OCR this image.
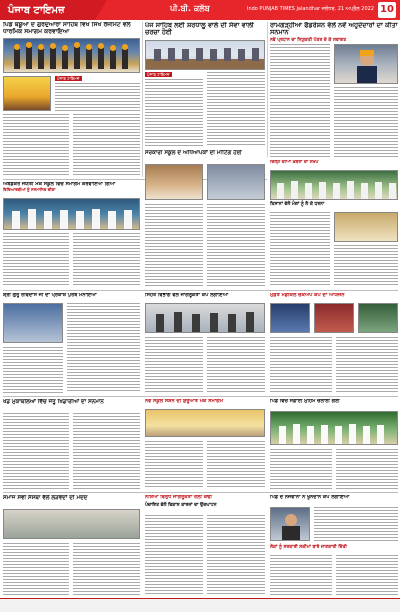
ਪੰਜਾਬ ਟਾਇਮਜ਼	ਪੀ.ਬੀ. ਕਲੱਬ	Indo PUNJAB TIMES Jalandhar ਜਲੰਧਰ, 21 ਅਪ੍ਰੈਲ 2022 10
ਪਿੰਡ ਬੰਬੂਆਂ ਦੇ ਗੁਰਦੁਆਰਾ ਸਾਹਿਬ ਵਿਖੇ ਸਿੱਖ ਰੈਜੀਮੈਂਟ ਵੱਲੋਂ ਧਾਰਮਿਕ ਸਮਾਗਮ ਕਰਵਾਇਆ
ਪੰਜਾਬ ਟਾਇਮਜ਼
ਪੰਜ ਸਾਹਿਬ ਲਈ ਸ਼ਰਧਾਲੂ ਵਾਲੇ ਦੀ ਸੇਵਾ ਵਾਲੀ ਚਰਚਾ ਹੋਈ
ਪੰਜਾਬ ਟਾਇਮਜ਼
ਰਾਮਗੜ੍ਹੀਆ ਫੈਡਰੇਸ਼ਨ ਵੱਲੋਂ ਨਵੇਂ ਅਹੁਦੇਦਾਰਾਂ ਦਾ ਕੀਤਾ ਸਨਮਾਨ
ਨਵੇਂ ਪ੍ਰਧਾਨ ਦਾ ਨਿਯੁਕਤੀ ਪੱਤਰ ਦੇ ਕੇ ਸਵਾਗਤ
ਅੰਬੇਡਕਰ ਜਯੰਤੀ ਮੌਕੇ ਸਕੂਲ ਵਿੱਚ ਸਮਾਗਮ ਕਰਵਾਇਆ ਗਿਆ
ਵਿਦਿਆਰਥੀਆਂ ਨੂੰ ਸਨਮਾਨਿਤ ਕੀਤਾ
ਸਰਕਾਰੀ ਸਕੂਲ ਦੇ ਅਧਿਆਪਕਾਂ ਦੀ ਮੀਟਿੰਗ ਹੋਈ
ਜ਼ਿਲ੍ਹੇ ਦੀਆਂ ਖ਼ਬਰਾਂ ਦਾ ਸੰਖੇਪ
ਕਿਸਾਨਾਂ ਵੱਲੋਂ ਮੰਗਾਂ ਨੂੰ ਲੈ ਕੇ ਧਰਨਾ
ਸ਼੍ਰੀ ਗੁਰੂ ਰਵਿਦਾਸ ਜੀ ਦਾ ਪ੍ਰਕਾਸ਼ ਪੁਰਬ ਮਨਾਇਆ	ਸਿਹਤ ਵਿਭਾਗ ਵੱਲੋਂ ਜਾਗਰੂਕਤਾ ਕੈਂਪ ਲਗਾਇਆ	ਮੁਫ਼ਤ ਮੈਡੀਕਲ ਚੈੱਕਅਪ ਕੈਂਪ ਦਾ ਆਯੋਜਨ
ਖੇਡ ਮੁਕਾਬਲਿਆਂ ਵਿੱਚ ਜੇਤੂ ਖਿਡਾਰੀਆਂ ਦਾ ਸਨਮਾਨ	ਨਵੇਂ ਸਕੂਲ ਸੈਸ਼ਨ ਦੀ ਸ਼ੁਰੂਆਤ ਮੌਕੇ ਸਮਾਗਮ	ਪਿੰਡ ਵਿੱਚ ਸਫ਼ਾਈ ਮੁਹਿੰਮ ਚਲਾਈ ਗਈ
ਸਮਾਜ ਸੇਵੀ ਸੰਸਥਾ ਵੱਲੋਂ ਲੋੜਵੰਦਾਂ ਦੀ ਮਦਦ	ਨਸ਼ਿਆਂ ਵਿਰੁੱਧ ਜਾਗਰੂਕਤਾ ਰੈਲੀ ਕੱਢੀ
ਪੰਚਾਇਤ ਵੱਲੋਂ ਵਿਕਾਸ ਕਾਰਜਾਂ ਦਾ ਉਦਘਾਟਨ
ਪਿੰਡ ਦੇ ਨੌਜਵਾਨਾਂ ਨੇ ਖੂਨਦਾਨ ਕੈਂਪ ਲਗਾਇਆ
ਲੋਕਾਂ ਨੂੰ ਸਰਕਾਰੀ ਸਕੀਮਾਂ ਬਾਰੇ ਜਾਣਕਾਰੀ ਦਿੱਤੀ
